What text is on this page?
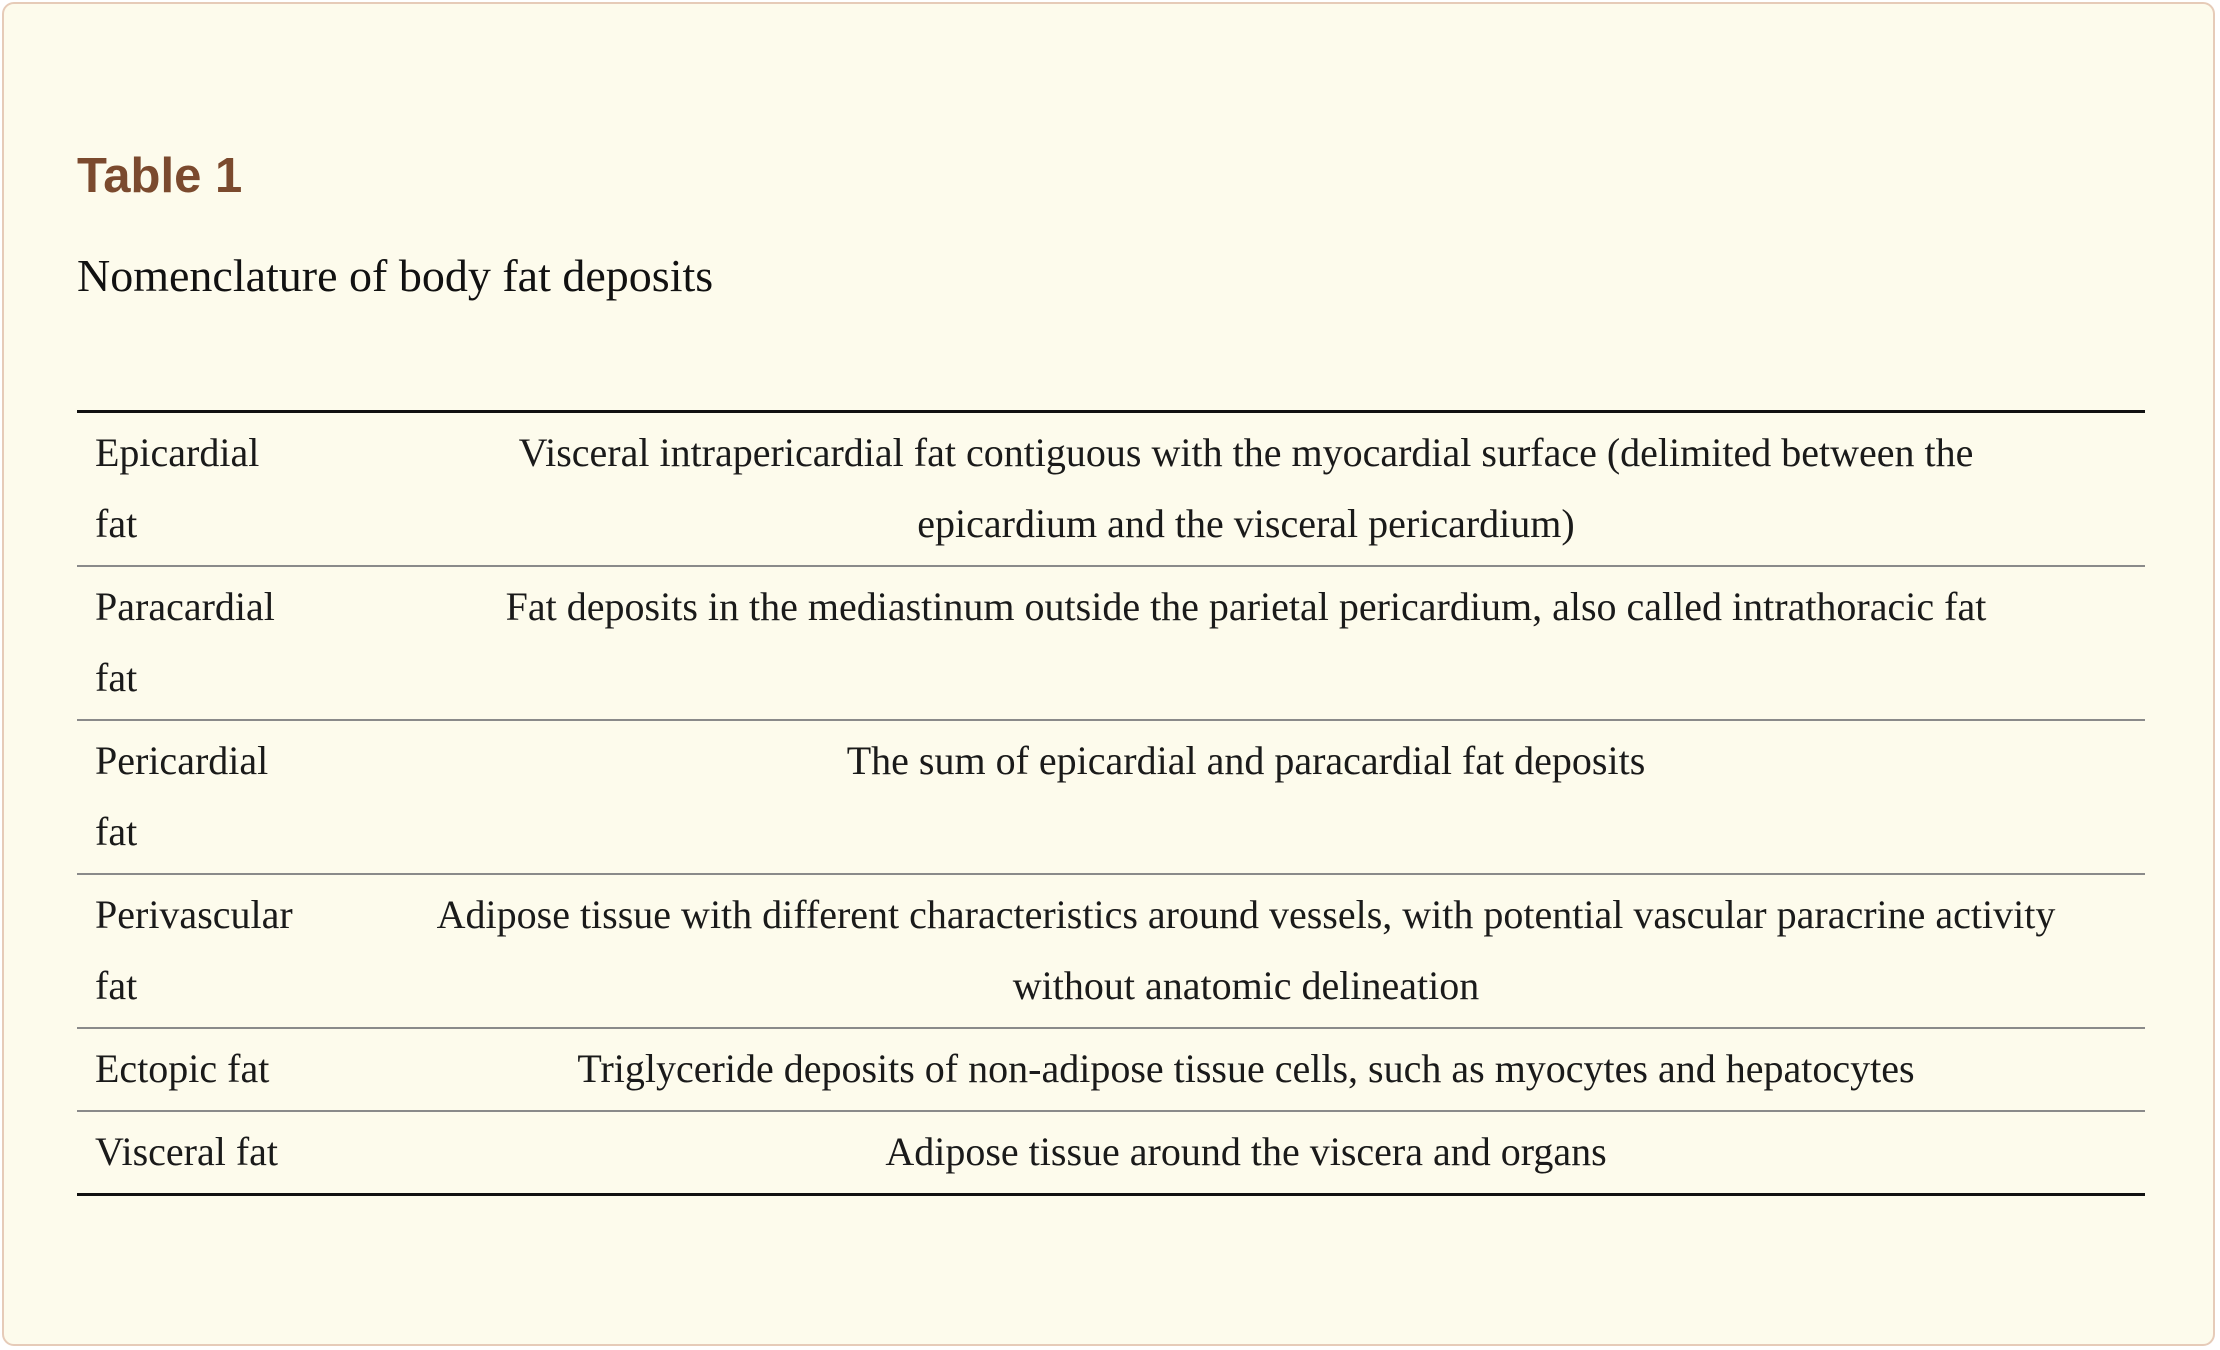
Table 1

Nomenclature of body fat deposits

Epicardial
fat	Visceral intrapericardial fat contiguous with the myocardial surface (delimited between the
epicardium and the visceral pericardium)
Paracardial
fat	Fat deposits in the mediastinum outside the parietal pericardium, also called intrathoracic fat
Pericardial
fat	The sum of epicardial and paracardial fat deposits
Perivascular
fat	Adipose tissue with different characteristics around vessels, with potential vascular paracrine activity
without anatomic delineation
Ectopic fat	Triglyceride deposits of non-adipose tissue cells, such as myocytes and hepatocytes
Visceral fat	Adipose tissue around the viscera and organs
